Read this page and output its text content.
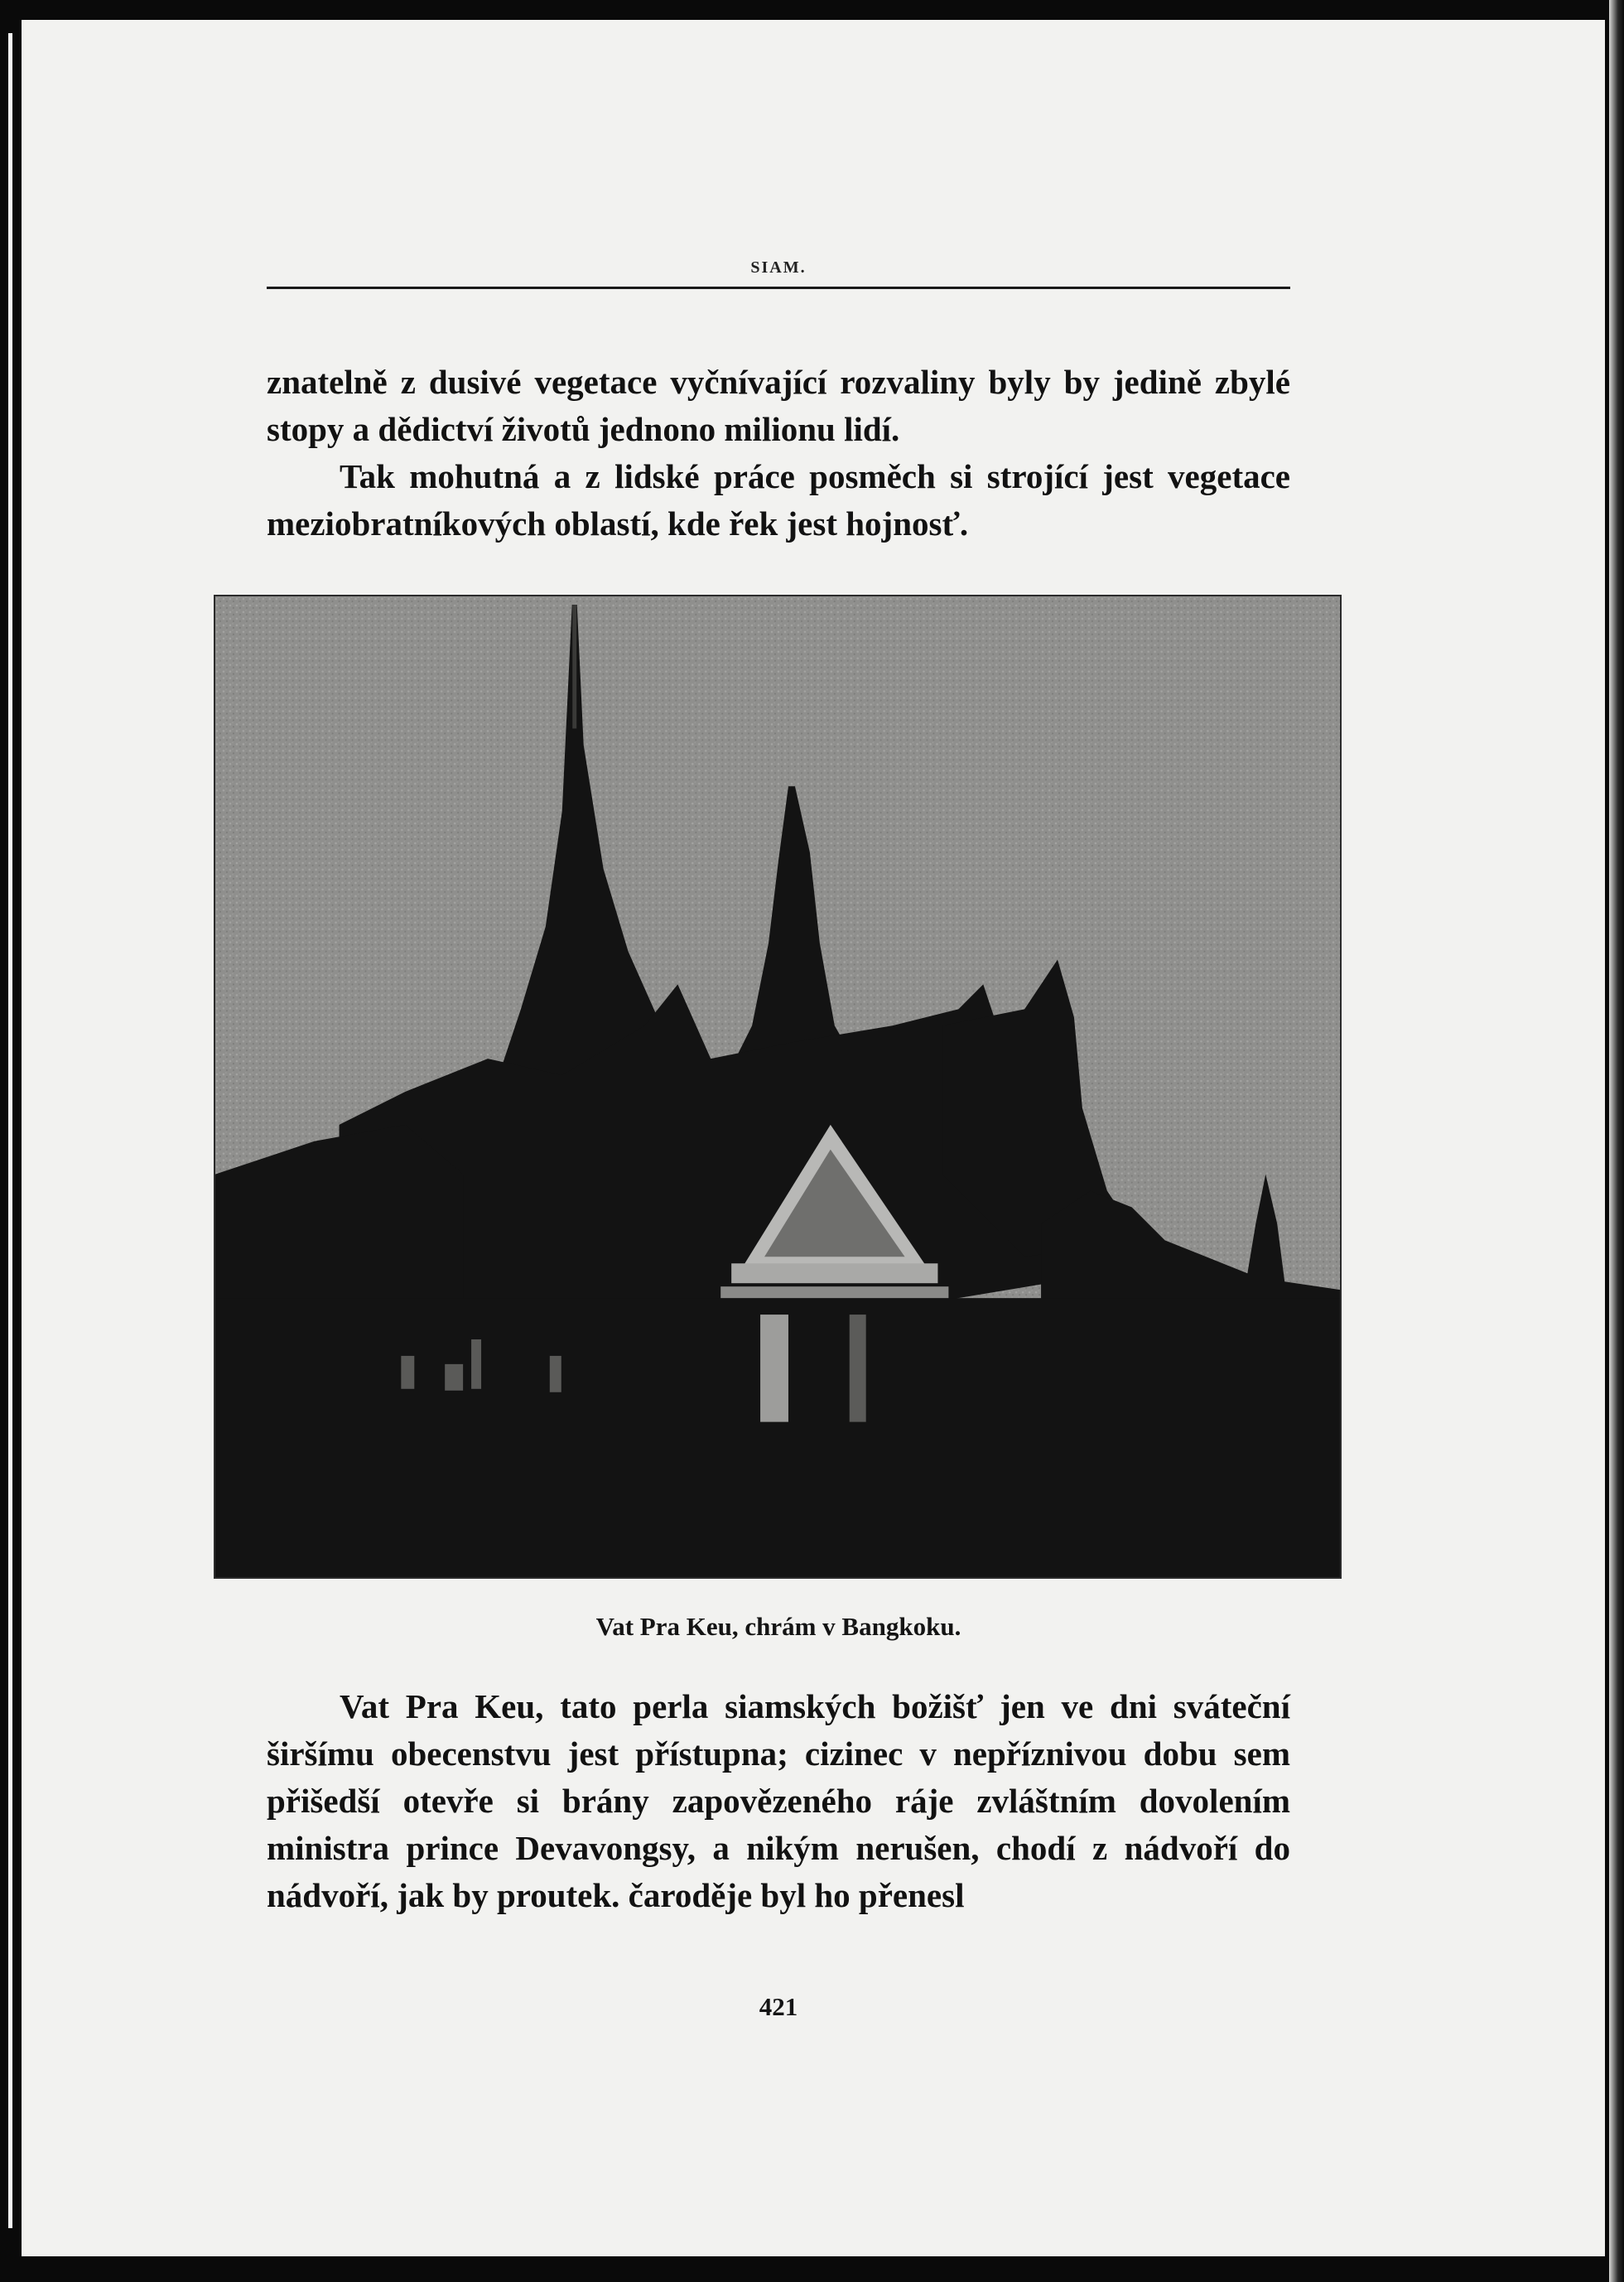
SIAM.

znatelně z dusivé vegetace vyčnívající rozvaliny byly by jedině zbylé stopy a dědictví životů jednono milionu lidí.

Tak mohutná a z lidské práce posměch si strojící jest vegetace meziobratníkových oblastí, kde řek jest hojnosť.

Vat Pra Keu, chrám v Bangkoku.

Vat Pra Keu, tato perla siamských božišť jen ve dni sváteční širšímu obecenstvu jest přístupna; cizinec v nepříznivou dobu sem přišedší otevře si brány zapovězeného ráje zvláštním dovolením ministra prince Devavongsy, a nikým nerušen, chodí z nádvoří do nádvoří, jak by proutek. čaroděje byl ho přenesl

421
